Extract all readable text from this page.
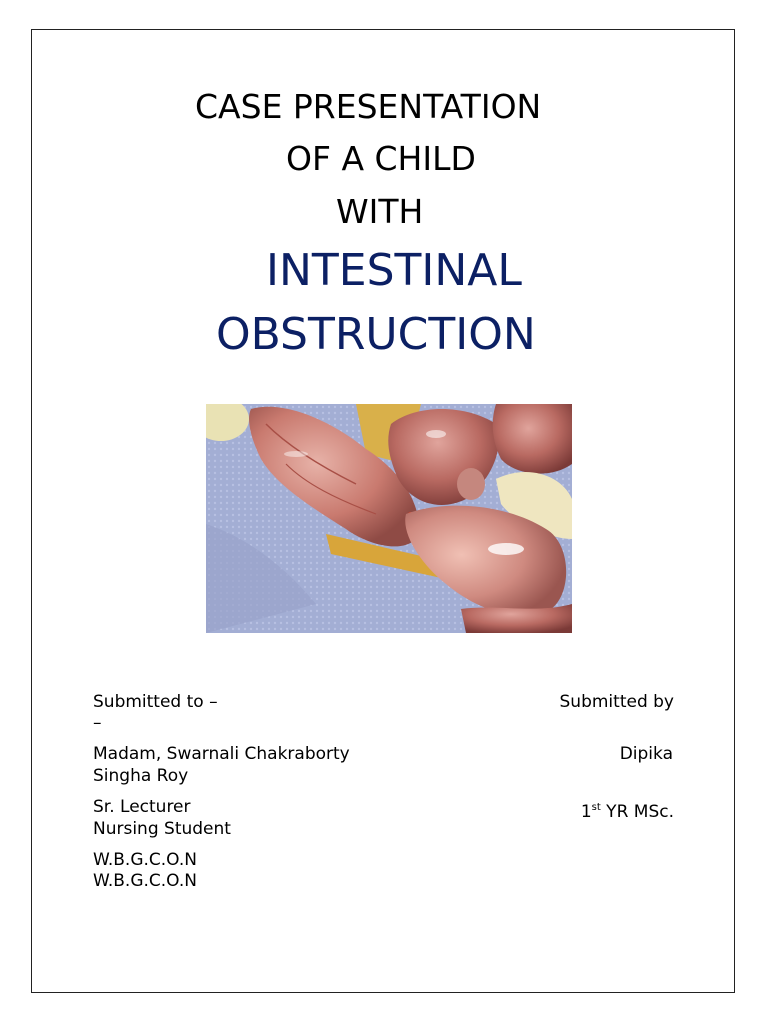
CASE PRESENTATION
OF A CHILD
WITH
INTESTINAL
OBSTRUCTION
Submitted to –	Submitted by
–
Madam, Swarnali Chakraborty	Dipika
Singha Roy
Sr. Lecturer	1st YR MSc.
Nursing Student
W.B.G.C.O.N
W.B.G.C.O.N
